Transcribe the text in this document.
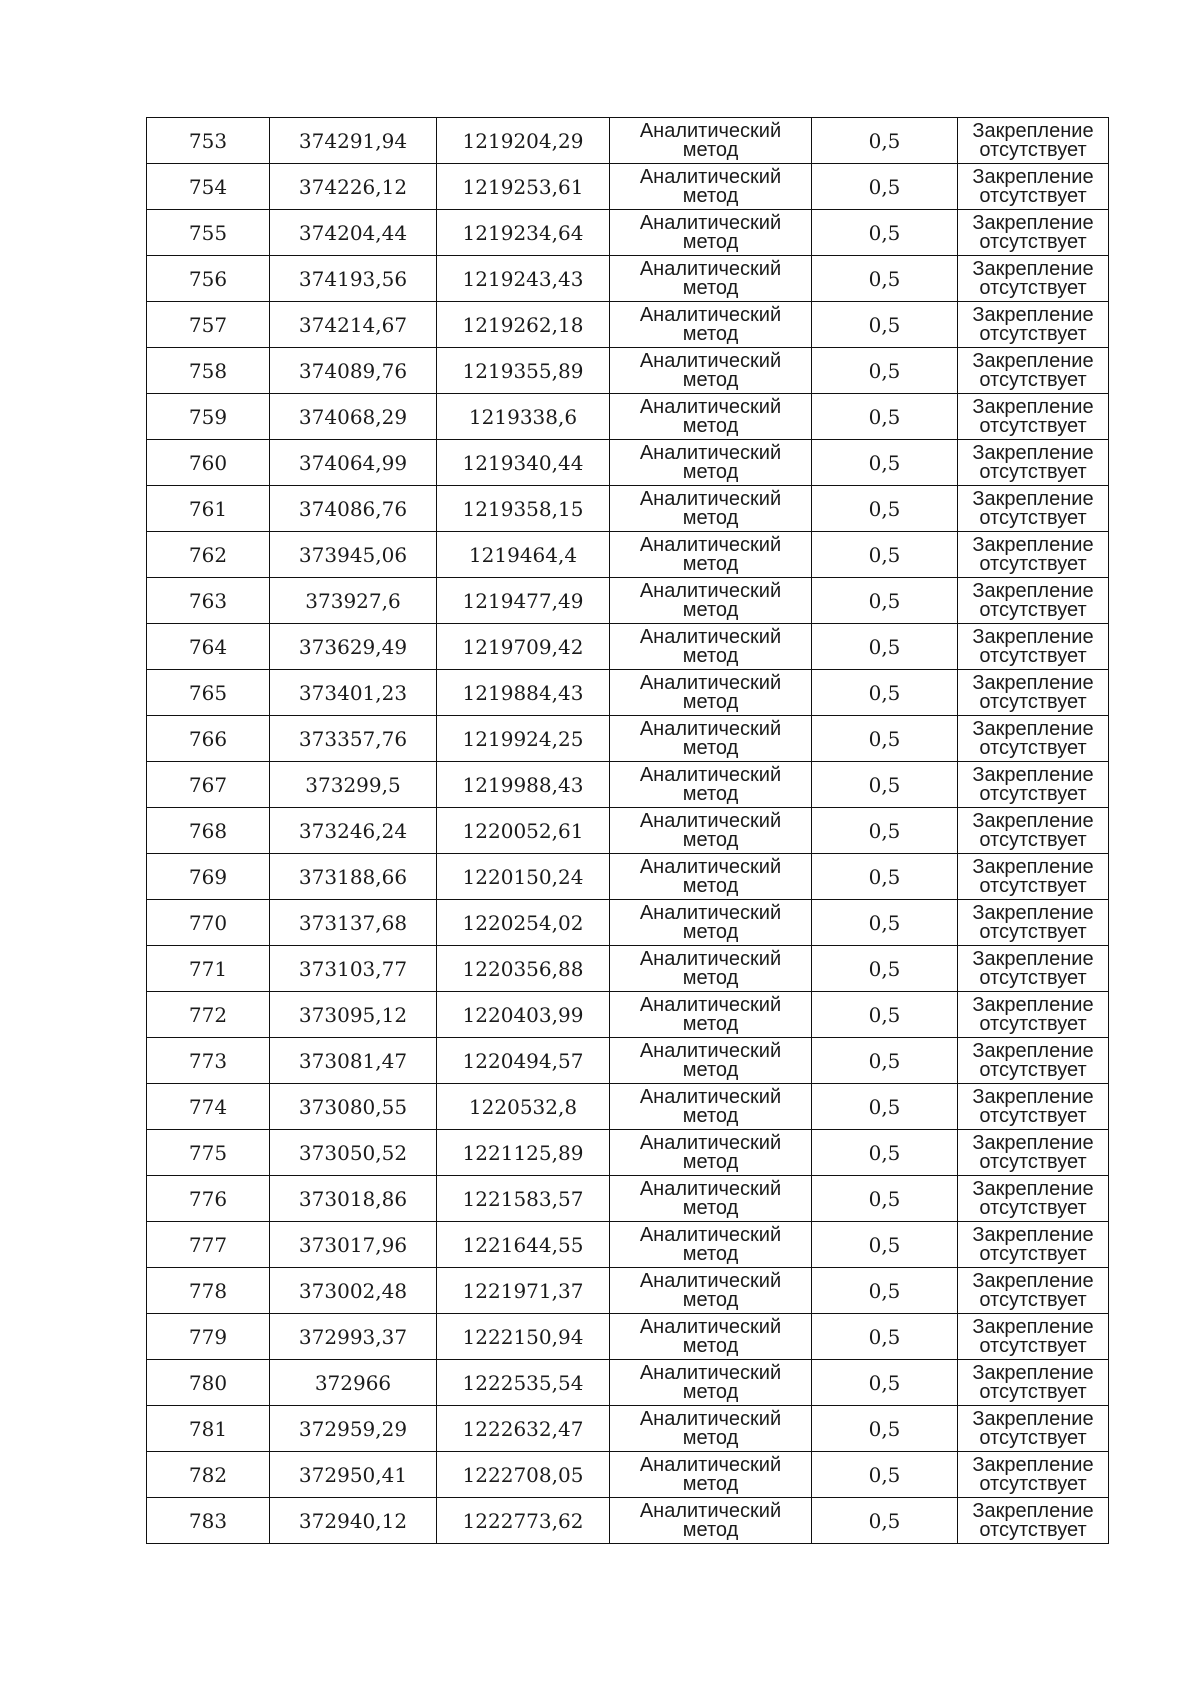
753	374291,94	1219204,29	Аналитический
метод	0,5	Закрепление
отсутствует

754	374226,12	1219253,61	Аналитический
метод	0,5	Закрепление
отсутствует

755	374204,44	1219234,64	Аналитический
метод	0,5	Закрепление
отсутствует

756	374193,56	1219243,43	Аналитический
метод	0,5	Закрепление
отсутствует

757	374214,67	1219262,18	Аналитический
метод	0,5	Закрепление
отсутствует

758	374089,76	1219355,89	Аналитический
метод	0,5	Закрепление
отсутствует

759	374068,29	1219338,6	Аналитический
метод	0,5	Закрепление
отсутствует

760	374064,99	1219340,44	Аналитический
метод	0,5	Закрепление
отсутствует

761	374086,76	1219358,15	Аналитический
метод	0,5	Закрепление
отсутствует

762	373945,06	1219464,4	Аналитический
метод	0,5	Закрепление
отсутствует

763	373927,6	1219477,49	Аналитический
метод	0,5	Закрепление
отсутствует

764	373629,49	1219709,42	Аналитический
метод	0,5	Закрепление
отсутствует

765	373401,23	1219884,43	Аналитический
метод	0,5	Закрепление
отсутствует

766	373357,76	1219924,25	Аналитический
метод	0,5	Закрепление
отсутствует

767	373299,5	1219988,43	Аналитический
метод	0,5	Закрепление
отсутствует

768	373246,24	1220052,61	Аналитический
метод	0,5	Закрепление
отсутствует

769	373188,66	1220150,24	Аналитический
метод	0,5	Закрепление
отсутствует

770	373137,68	1220254,02	Аналитический
метод	0,5	Закрепление
отсутствует

771	373103,77	1220356,88	Аналитический
метод	0,5	Закрепление
отсутствует

772	373095,12	1220403,99	Аналитический
метод	0,5	Закрепление
отсутствует

773	373081,47	1220494,57	Аналитический
метод	0,5	Закрепление
отсутствует

774	373080,55	1220532,8	Аналитический
метод	0,5	Закрепление
отсутствует

775	373050,52	1221125,89	Аналитический
метод	0,5	Закрепление
отсутствует

776	373018,86	1221583,57	Аналитический
метод	0,5	Закрепление
отсутствует

777	373017,96	1221644,55	Аналитический
метод	0,5	Закрепление
отсутствует

778	373002,48	1221971,37	Аналитический
метод	0,5	Закрепление
отсутствует

779	372993,37	1222150,94	Аналитический
метод	0,5	Закрепление
отсутствует

780	372966	1222535,54	Аналитический
метод	0,5	Закрепление
отсутствует

781	372959,29	1222632,47	Аналитический
метод	0,5	Закрепление
отсутствует

782	372950,41	1222708,05	Аналитический
метод	0,5	Закрепление
отсутствует

783	372940,12	1222773,62	Аналитический
метод	0,5	Закрепление
отсутствует
